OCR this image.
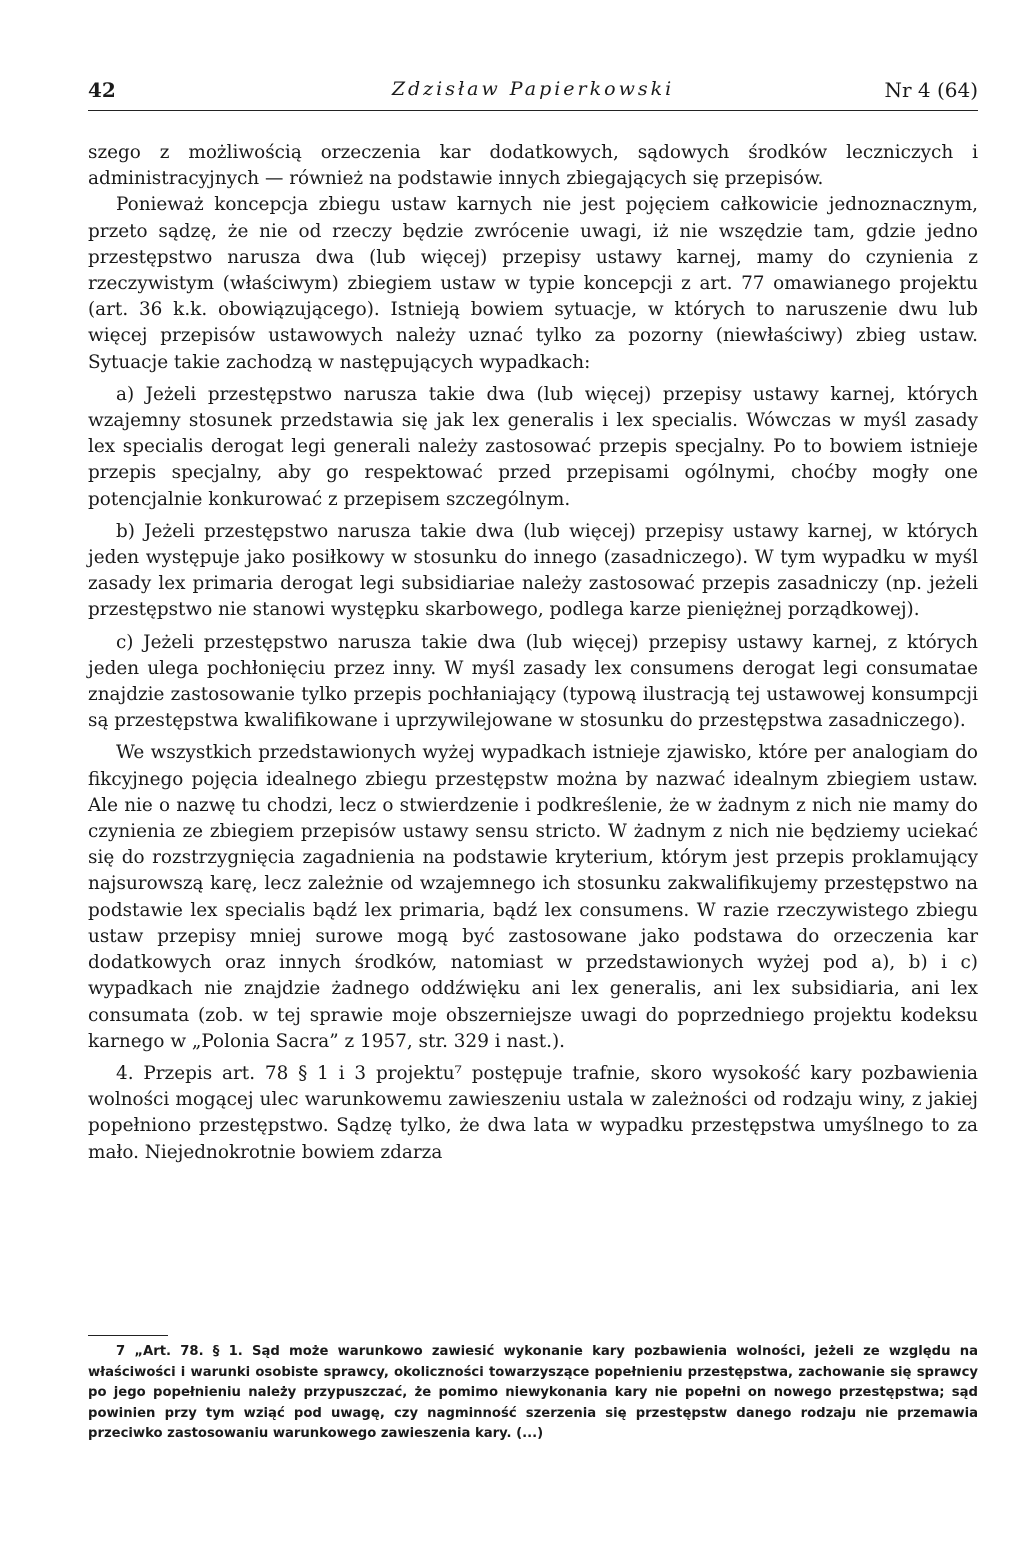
42	Zdzisław Papierkowski	Nr 4 (64)

szego z możliwością orzeczenia kar dodatkowych, sądowych środków leczniczych i administracyjnych — również na podstawie innych zbiegających się przepisów.

Ponieważ koncepcja zbiegu ustaw karnych nie jest pojęciem całkowicie jednoznacznym, przeto sądzę, że nie od rzeczy będzie zwrócenie uwagi, iż nie wszędzie tam, gdzie jedno przestępstwo narusza dwa (lub więcej) przepisy ustawy karnej, mamy do czynienia z rzeczywistym (właściwym) zbiegiem ustaw w typie koncepcji z art. 77 omawianego projektu (art. 36 k.k. obowiązującego). Istnieją bowiem sytuacje, w których to naruszenie dwu lub więcej przepisów ustawowych należy uznać tylko za pozorny (niewłaściwy) zbieg ustaw. Sytuacje takie zachodzą w następujących wypadkach:

a) Jeżeli przestępstwo narusza takie dwa (lub więcej) przepisy ustawy karnej, których wzajemny stosunek przedstawia się jak lex generalis i lex specialis. Wówczas w myśl zasady lex specialis derogat legi generali należy zastosować przepis specjalny. Po to bowiem istnieje przepis specjalny, aby go respektować przed przepisami ogólnymi, choćby mogły one potencjalnie konkurować z przepisem szczególnym.

b) Jeżeli przestępstwo narusza takie dwa (lub więcej) przepisy ustawy karnej, w których jeden występuje jako posiłkowy w stosunku do innego (zasadniczego). W tym wypadku w myśl zasady lex primaria derogat legi subsidiariae należy zastosować przepis zasadniczy (np. jeżeli przestępstwo nie stanowi występku skarbowego, podlega karze pieniężnej porządkowej).

c) Jeżeli przestępstwo narusza takie dwa (lub więcej) przepisy ustawy karnej, z których jeden ulega pochłonięciu przez inny. W myśl zasady lex consumens derogat legi consumatae znajdzie zastosowanie tylko przepis pochłaniający (typową ilustracją tej ustawowej konsumpcji są przestępstwa kwalifikowane i uprzywilejowane w stosunku do przestępstwa zasadniczego).

We wszystkich przedstawionych wyżej wypadkach istnieje zjawisko, które per analogiam do fikcyjnego pojęcia idealnego zbiegu przestępstw można by nazwać idealnym zbiegiem ustaw. Ale nie o nazwę tu chodzi, lecz o stwierdzenie i podkreślenie, że w żadnym z nich nie mamy do czynienia ze zbiegiem przepisów ustawy sensu stricto. W żadnym z nich nie będziemy uciekać się do rozstrzygnięcia zagadnienia na podstawie kryterium, którym jest przepis proklamujący najsurowszą karę, lecz zależnie od wzajemnego ich stosunku zakwalifikujemy przestępstwo na podstawie lex specialis bądź lex primaria, bądź lex consumens. W razie rzeczywistego zbiegu ustaw przepisy mniej surowe mogą być zastosowane jako podstawa do orzeczenia kar dodatkowych oraz innych środków, natomiast w przedstawionych wyżej pod a), b) i c) wypadkach nie znajdzie żadnego oddźwięku ani lex generalis, ani lex subsidiaria, ani lex consumata (zob. w tej sprawie moje obszerniejsze uwagi do poprzedniego projektu kodeksu karnego w „Polonia Sacra” z 1957, str. 329 i nast.).

4. Przepis art. 78 § 1 i 3 projektu⁷ postępuje trafnie, skoro wysokość kary pozbawienia wolności mogącej ulec warunkowemu zawieszeniu ustala w zależności od rodzaju winy, z jakiej popełniono przestępstwo. Sądzę tylko, że dwa lata w wypadku przestępstwa umyślnego to za mało. Niejednokrotnie bowiem zdarza

7 „Art. 78. § 1. Sąd może warunkowo zawiesić wykonanie kary pozbawienia wolności, jeżeli ze względu na właściwości i warunki osobiste sprawcy, okoliczności towarzyszące popełnieniu przestępstwa, zachowanie się sprawcy po jego popełnieniu należy przypuszczać, że pomimo niewykonania kary nie popełni on nowego przestępstwa; sąd powinien przy tym wziąć pod uwagę, czy nagminność szerzenia się przestępstw danego rodzaju nie przemawia przeciwko zastosowaniu warunkowego zawieszenia kary. (...)
